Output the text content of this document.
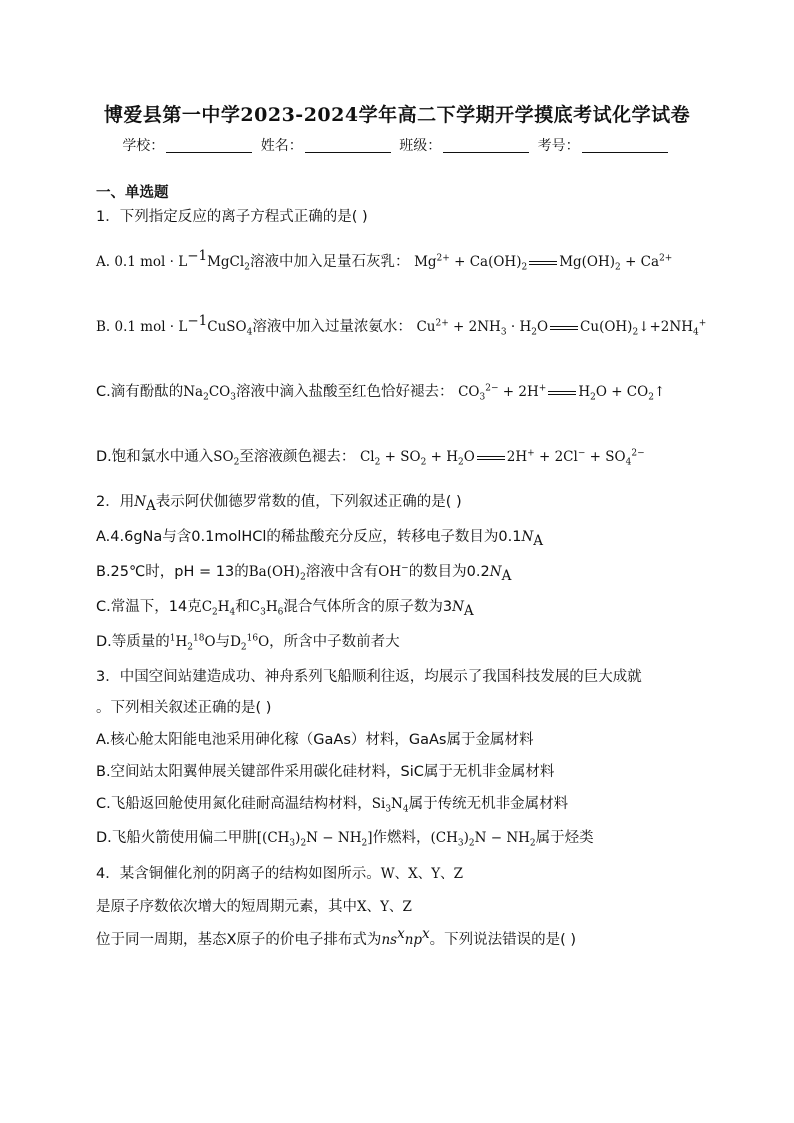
博爱县第一中学2023-2024学年高二下学期开学摸底考试化学试卷
学校：	姓名：	班级：	考号：
一、单选题
1．下列指定反应的离子方程式正确的是( )
A. 0.1 mol · $L^{-1}MgCl_2$溶液中加入足量石灰乳： $Mg^{2+} + Ca(OH)_2$ $Mg(OH)_2 + Ca^{2+}$
B. 0.1 mol · $L^{-1}CuSO_4$溶液中加入过量浓氨水： $Cu^{2+} + 2NH_3 \cdot H_2O$ $Cu(OH)_2↓+2NH_4^+$
C.滴有酚酞的$Na_2CO_3$溶液中滴入盐酸至红色恰好褪去： $CO_3^{2-} + 2H^+$ $H_2O$ + $CO_2↑$
D.饱和氯水中通入$SO_2$至溶液颜色褪去： $Cl_2 + SO_2 + H_2O$ $2H^+ + 2Cl^- + SO_4^{2-}$
2．用$N_A$表示阿伏伽德罗常数的值，下列叙述正确的是( )
A.4.6gNa与含0.1molHCl的稀盐酸充分反应，转移电子数目为$0.1N_A$
B.25℃时，pH = 13的$Ba(OH)_2$溶液中含有OH−的数目为$0.2N_A$
C.常温下，14克$C_2H_4$和$C_3H_6$混合气体所含的原子数为$3N_A$
D.等质量的$^1H_2^{18}O$与$D_2^{16}O$，所含中子数前者大
3．中国空间站建造成功、神舟系列飞船顺利往返，均展示了我国科技发展的巨大成就
。下列相关叙述正确的是( )
A.核心舱太阳能电池采用砷化稼（GaAs）材料，GaAs属于金属材料
B.空间站太阳翼伸展关键部件采用碳化硅材料，SiC属于无机非金属材料
C.飞船返回舱使用氮化硅耐高温结构材料，$Si_3N_4$属于传统无机非金属材料
D.飞船火箭使用偏二甲肼$[(CH_3)_2N - NH_2]$作燃料，$(CH_3)_2N - NH_2$属于烃类
4．某含铜催化剂的阴离子的结构如图所示。W、X、Y、Z
是原子序数依次增大的短周期元素，其中X、Y、Z
位于同一周期，基态X原子的价电子排布式为$ns^xnp^x$。下列说法错误的是( )
